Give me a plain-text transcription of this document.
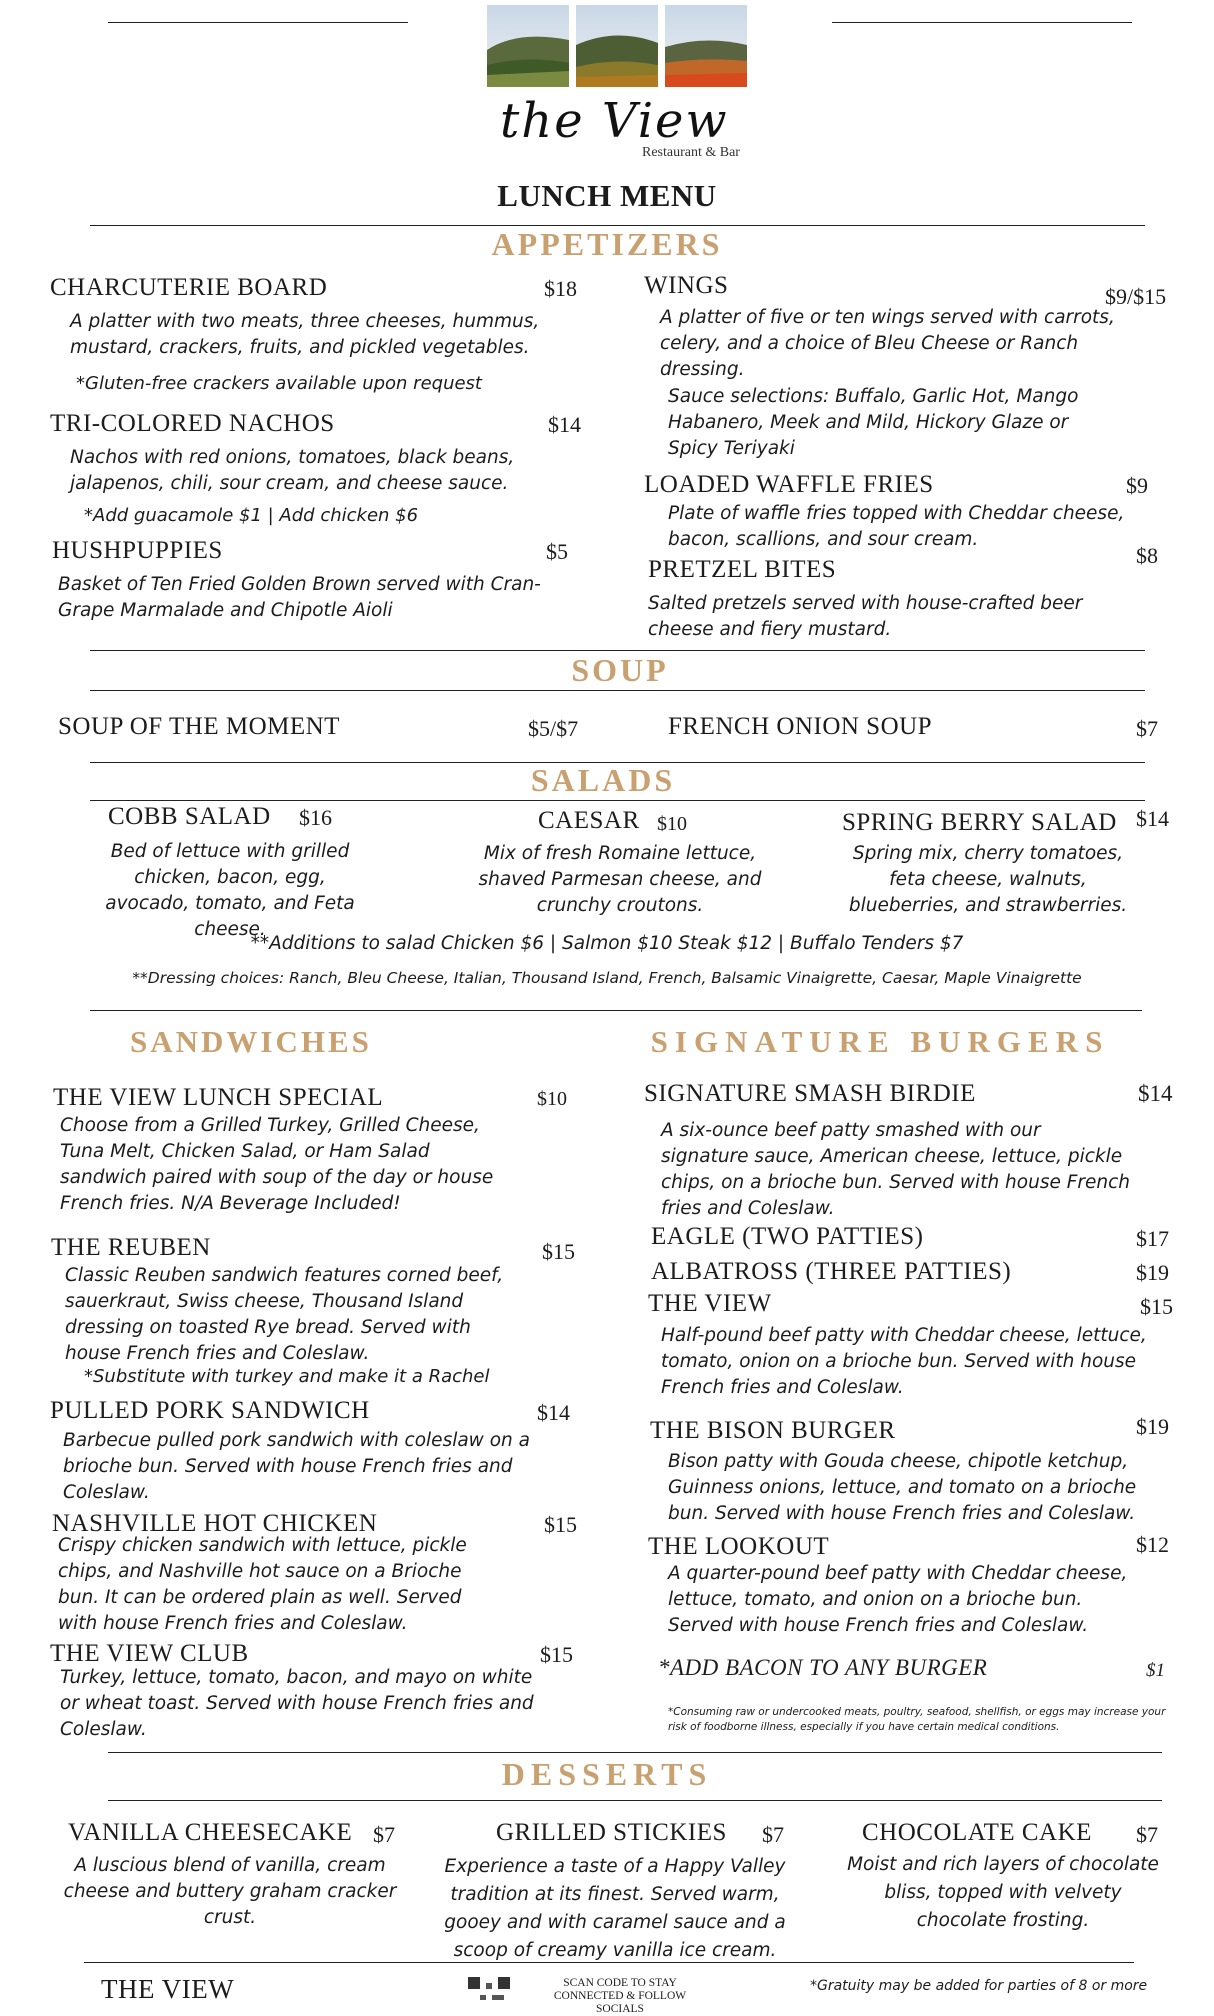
the View
Restaurant & Bar
LUNCH MENU
APPETIZERS
CHARCUTERIE BOARD	$18
A platter with two meats, three cheeses, hummus, mustard, crackers, fruits, and pickled vegetables.
*Gluten-free crackers available upon request
TRI-COLORED NACHOS	$14
Nachos with red onions, tomatoes, black beans, jalapenos, chili, sour cream, and cheese sauce.
*Add guacamole $1 | Add chicken $6
HUSHPUPPIES	$5
Basket of Ten Fried Golden Brown served with Cran-Grape Marmalade and Chipotle Aioli
WINGS	$9/$15
A platter of five or ten wings served with carrots, celery, and a choice of Bleu Cheese or Ranch dressing.
Sauce selections: Buffalo, Garlic Hot, Mango Habanero, Meek and Mild, Hickory Glaze or Spicy Teriyaki
LOADED WAFFLE FRIES	$9
Plate of waffle fries topped with Cheddar cheese, bacon, scallions, and sour cream.
PRETZEL BITES
$8
Salted pretzels served with house-crafted beer cheese and fiery mustard.
SOUP
SOUP OF THE MOMENT	$5/$7	FRENCH ONION SOUP	$7
SALADS
COBB SALAD $16
Bed of lettuce with grilled chicken, bacon, egg, avocado, tomato, and Feta cheese.
CAESAR $10
Mix of fresh Romaine lettuce, shaved Parmesan cheese, and crunchy croutons.
SPRING BERRY SALAD $14
Spring mix, cherry tomatoes, feta cheese, walnuts, blueberries, and strawberries.
**Additions to salad Chicken $6 | Salmon $10 Steak $12 | Buffalo Tenders $7
**Dressing choices: Ranch, Bleu Cheese, Italian, Thousand Island, French, Balsamic Vinaigrette, Caesar, Maple Vinaigrette
SANDWICHES
THE VIEW LUNCH SPECIAL	$10
Choose from a Grilled Turkey, Grilled Cheese, Tuna Melt, Chicken Salad, or Ham Salad sandwich paired with soup of the day or house French fries. N/A Beverage Included!
THE REUBEN	$15
Classic Reuben sandwich features corned beef, sauerkraut, Swiss cheese, Thousand Island dressing on toasted Rye bread. Served with house French fries and Coleslaw.
*Substitute with turkey and make it a Rachel
PULLED PORK SANDWICH	$14
Barbecue pulled pork sandwich with coleslaw on a brioche bun. Served with house French fries and Coleslaw.
NASHVILLE HOT CHICKEN	$15
Crispy chicken sandwich with lettuce, pickle chips, and Nashville hot sauce on a Brioche bun. It can be ordered plain as well. Served with house French fries and Coleslaw.
THE VIEW CLUB	$15
Turkey, lettuce, tomato, bacon, and mayo on white or wheat toast. Served with house French fries and Coleslaw.
SIGNATURE BURGERS
SIGNATURE SMASH BIRDIE	$14
A six-ounce beef patty smashed with our signature sauce, American cheese, lettuce, pickle chips, on a brioche bun. Served with house French fries and Coleslaw.
EAGLE (TWO PATTIES)	$17
ALBATROSS (THREE PATTIES)	$19
THE VIEW	$15
Half-pound beef patty with Cheddar cheese, lettuce, tomato, onion on a brioche bun. Served with house French fries and Coleslaw.
THE BISON BURGER	$19
Bison patty with Gouda cheese, chipotle ketchup, Guinness onions, lettuce, and tomato on a brioche bun. Served with house French fries and Coleslaw.
THE LOOKOUT	$12
A quarter-pound beef patty with Cheddar cheese, lettuce, tomato, and onion on a brioche bun. Served with house French fries and Coleslaw.
*ADD BACON TO ANY BURGER	$1
*Consuming raw or undercooked meats, poultry, seafood, shellfish, or eggs may increase your risk of foodborne illness, especially if you have certain medical conditions.
DESSERTS
VANILLA CHEESECAKE $7
A luscious blend of vanilla, cream cheese and buttery graham cracker crust.
GRILLED STICKIES $7
Experience a taste of a Happy Valley tradition at its finest. Served warm, gooey and with caramel sauce and a scoop of creamy vanilla ice cream.
CHOCOLATE CAKE $7
Moist and rich layers of chocolate bliss, topped with velvety chocolate frosting.
THE VIEW	SCAN CODE TO STAY CONNECTED & FOLLOW SOCIALS
*Gratuity may be added for parties of 8 or more
